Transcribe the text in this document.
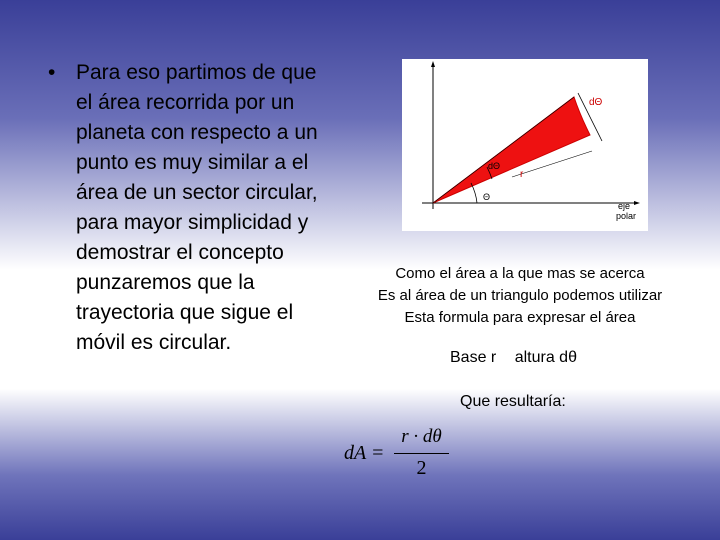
• Para eso partimos de que
el área recorrida por un
planeta con respecto a un
punto es muy similar a el
área de un sector circular,
para mayor simplicidad y
demostrar el concepto
punzaremos que la
trayectoria que sigue el
móvil es circular.
dΘ
r
Θ
dΘ
eje
polar
Como el área a la que mas se acerca
Es al área de un triangulo podemos utilizar
Esta formula para expresar el área
Base r altura dθ
Que resultaría:
dA =
r · dθ
2
